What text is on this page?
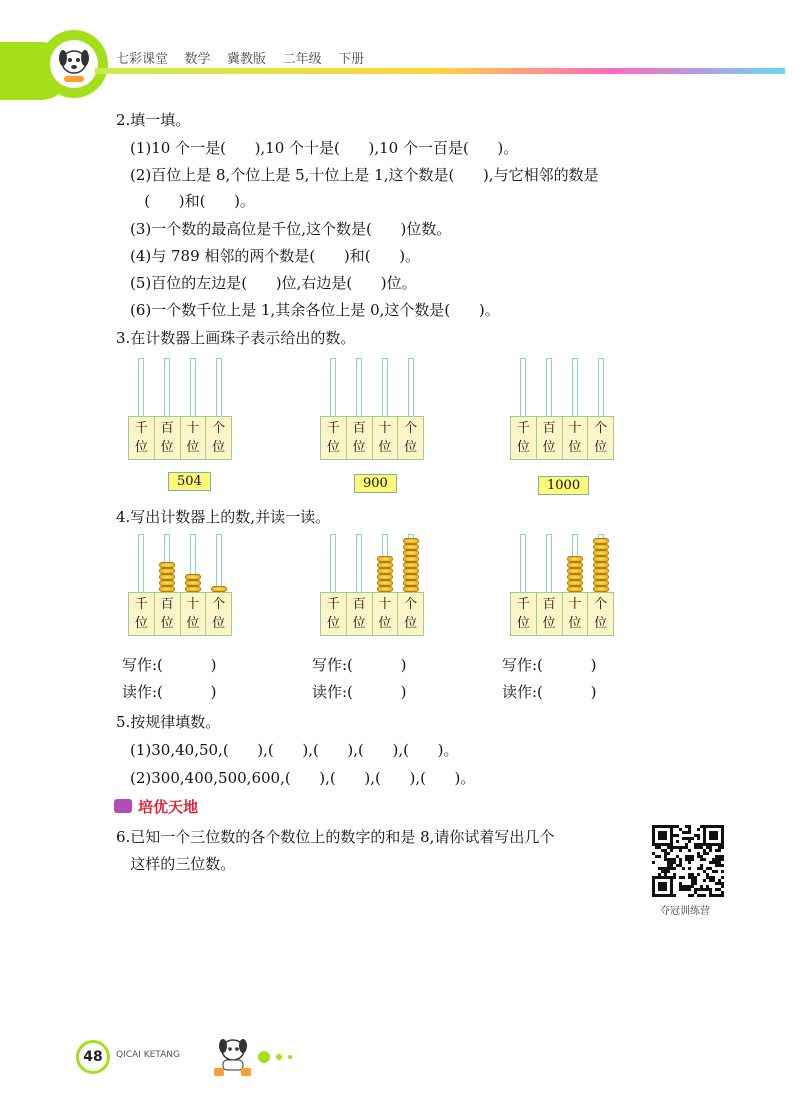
七彩课堂    数学    冀教版    二年级    下册
2.填一填。
(1)10 个一是(      ),10 个十是(      ),10 个一百是(      )。
(2)百位上是 8,个位上是 5,十位上是 1,这个数是(      ),与它相邻的数是
(      )和(      )。
(3)一个数的最高位是千位,这个数是(      )位数。
(4)与 789 相邻的两个数是(      )和(      )。
(5)百位的左边是(      )位,右边是(      )位。
(6)一个数千位上是 1,其余各位上是 0,这个数是(      )。
3.在计数器上画珠子表示给出的数。
千
位
百
位
十
位
个
位
504
千
位
百
位
十
位
个
位
900
千
位
百
位
十
位
个
位
1000
4.写出计数器上的数,并读一读。
千
位
百
位
十
位
个
位
千
位
百
位
十
位
个
位
千
位
百
位
十
位
个
位
写作:(          )
读作:(          )
写作:(          )
读作:(          )
写作:(          )
读作:(          )
5.按规律填数。
(1)30,40,50,(      ),(      ),(      ),(      ),(      )。
(2)300,400,500,600,(      ),(      ),(      ),(      )。
培优天地
6.已知一个三位数的各个数位上的数字的和是 8,请你试着写出几个
这样的三位数。
夺冠训练营
48	QICAI KETANG
